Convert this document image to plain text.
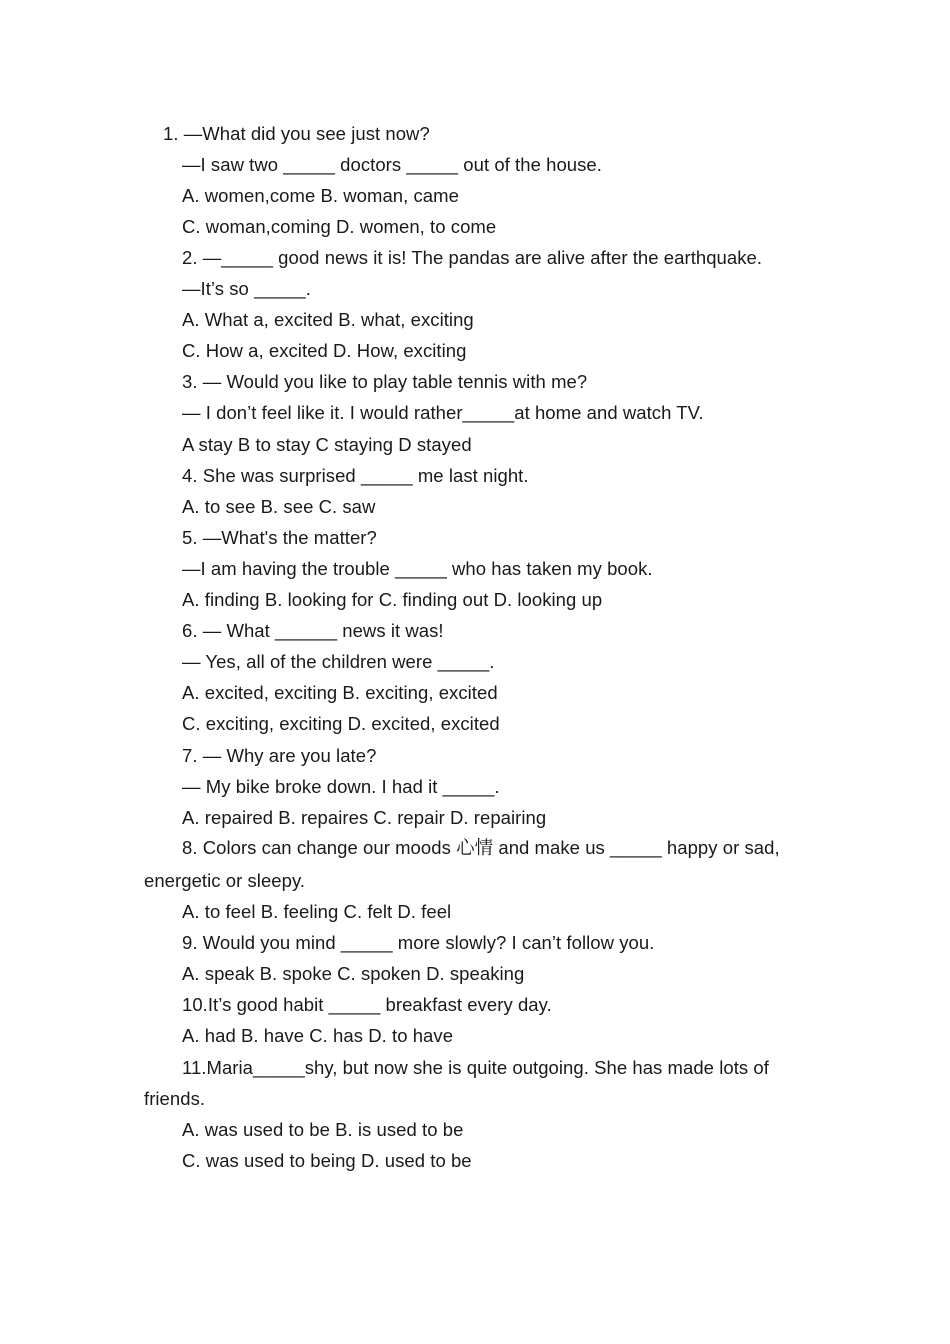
1. —What did you see just now?
—I saw two _____ doctors _____ out of the house.
A. women,come B. woman, came
C. woman,coming D. women, to come
2. —_____ good news it is! The pandas are alive after the earthquake.
—It’s so _____.
A. What a, excited B. what, exciting
C. How a, excited D. How, exciting
3. — Would you like to play table tennis with me?
— I don’t feel like it. I would rather_____at home and watch TV.
A stay B to stay C staying D stayed
4. She was surprised _____ me last night.
A. to see B. see C. saw
5. —What's the matter?
—I am having the trouble _____ who has taken my book.
A. finding B. looking for C. finding out D. looking up
6. — What ______ news it was!
— Yes, all of the children were _____.
A. excited, exciting B. exciting, excited
C. exciting, exciting D. excited, excited
7. — Why are you late?
— My bike broke down. I had it _____.
A. repaired B. repaires C. repair D. repairing
8. Colors can change our moods 心情 and make us _____ happy or sad,
energetic or sleepy.
A. to feel B. feeling C. felt D. feel
9. Would you mind _____ more slowly? I can’t follow you.
A. speak B. spoke C. spoken D. speaking
10.It’s good habit _____ breakfast every day.
A. had B. have C. has D. to have
11.Maria_____shy, but now she is quite outgoing. She has made lots of
friends.
A. was used to be B. is used to be
C. was used to being D. used to be
